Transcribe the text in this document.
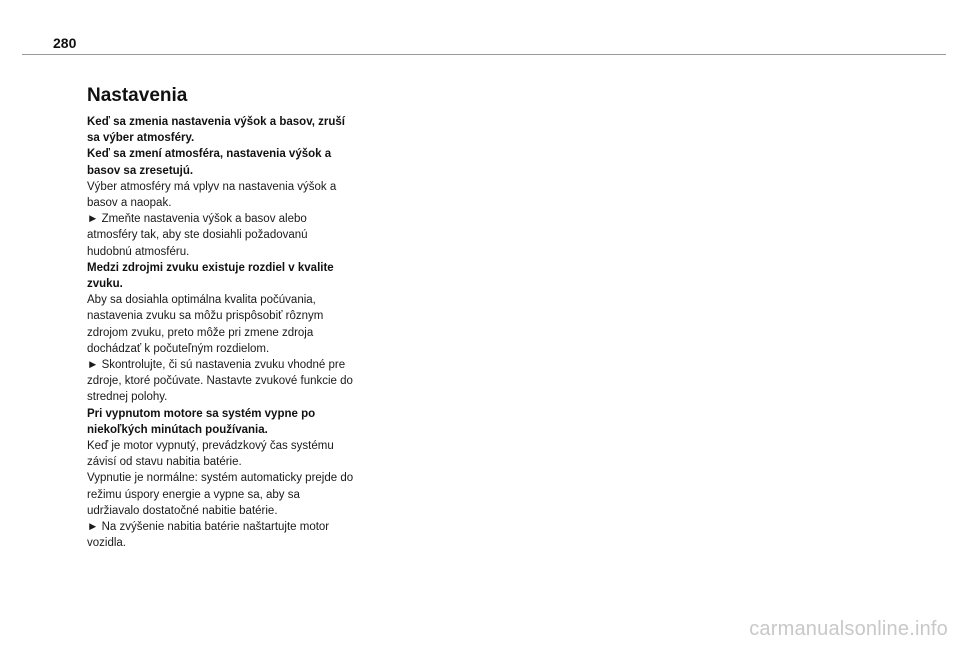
280
Nastavenia

Keď sa zmenia nastavenia výšok a basov, zruší sa výber atmosféry.

Keď sa zmení atmosféra, nastavenia výšok a basov sa zresetujú.

Výber atmosféry má vplyv na nastavenia výšok a basov a naopak.

► Zmeňte nastavenia výšok a basov alebo atmosféry tak, aby ste dosiahli požadovanú hudobnú atmosféru.

Medzi zdrojmi zvuku existuje rozdiel v kvalite zvuku.

Aby sa dosiahla optimálna kvalita počúvania, nastavenia zvuku sa môžu prispôsobiť rôznym zdrojom zvuku, preto môže pri zmene zdroja dochádzať k počuteľným rozdielom.

► Skontrolujte, či sú nastavenia zvuku vhodné pre zdroje, ktoré počúvate. Nastavte zvukové funkcie do strednej polohy.

Pri vypnutom motore sa systém vypne po niekoľkých minútach používania.

Keď je motor vypnutý, prevádzkový čas systému závisí od stavu nabitia batérie.

Vypnutie je normálne: systém automaticky prejde do režimu úspory energie a vypne sa, aby sa udržiavalo dostatočné nabitie batérie.

► Na zvýšenie nabitia batérie naštartujte motor vozidla.

carmanualsonline.info
